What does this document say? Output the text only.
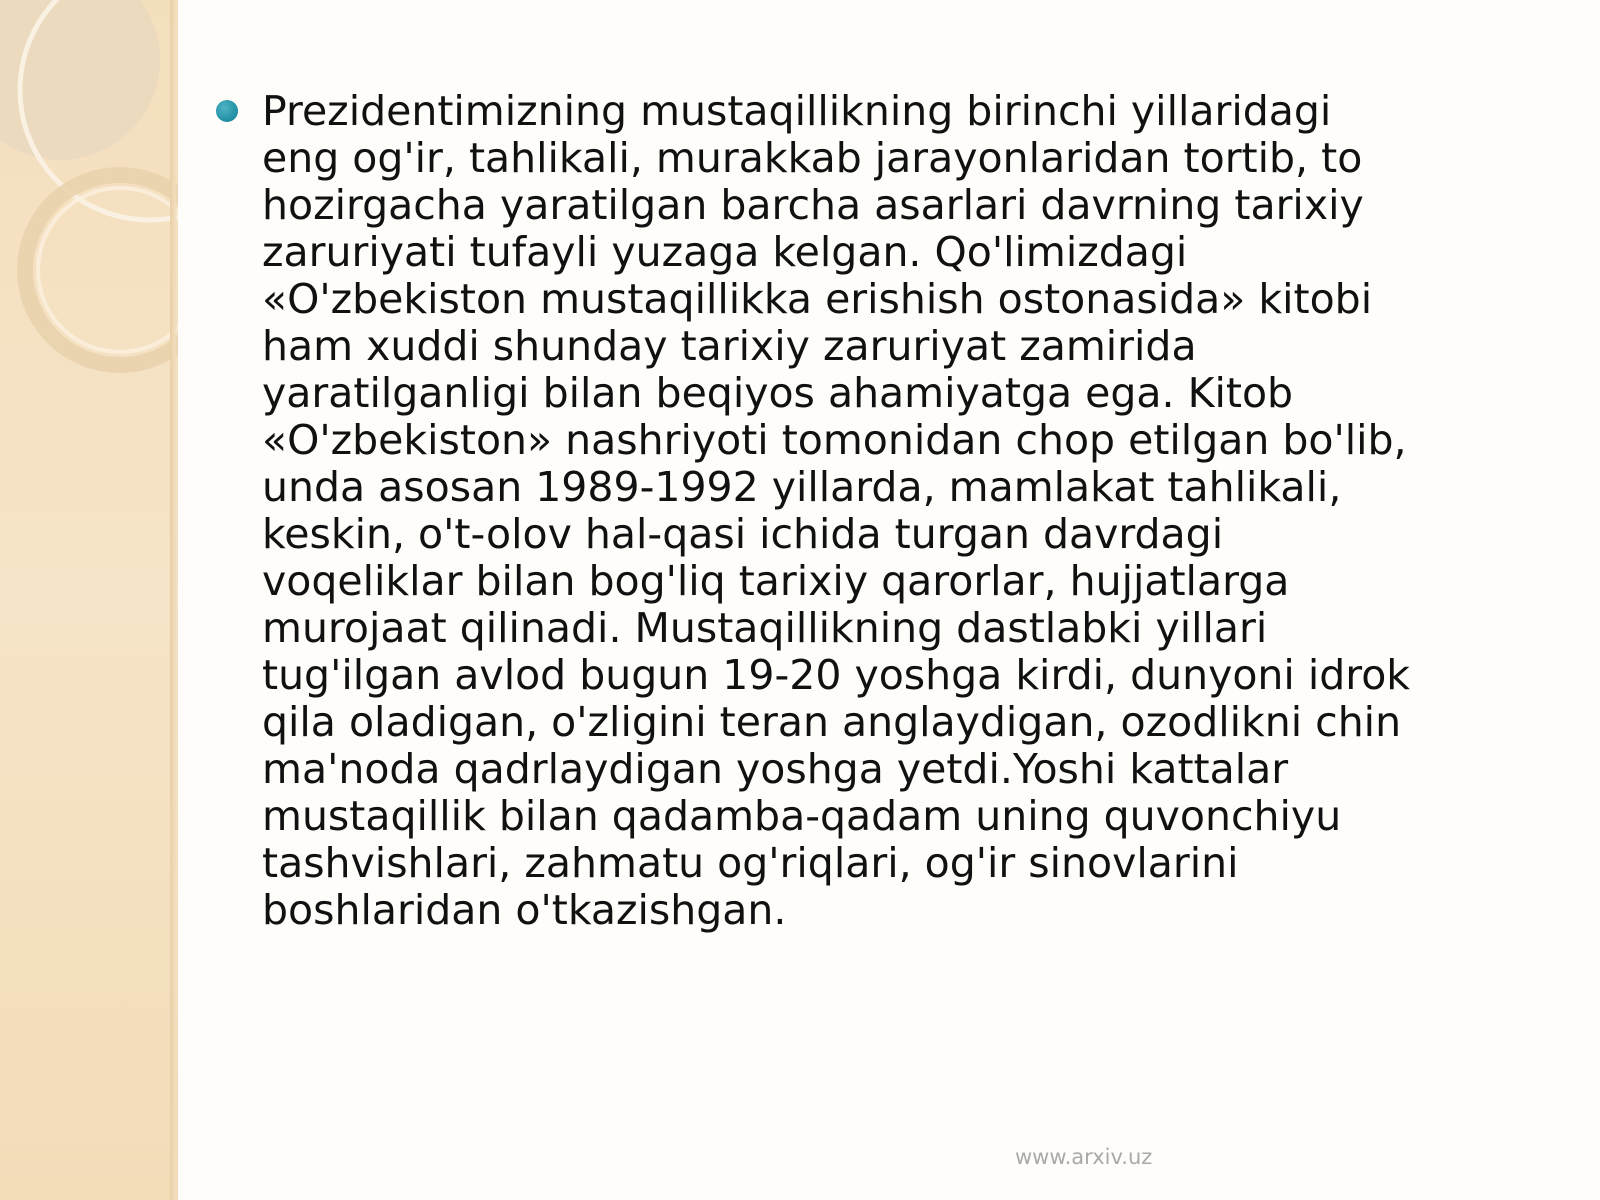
Prezidentimizning mustaqillikning birinchi yillaridagi
eng og'ir, tahlikali, murakkab jarayonlaridan tortib, to
hozirgacha yaratilgan barcha asarlari davrning tarixiy
zaruriyati tufayli yuzaga kelgan. Qo'limizdagi
«O'zbekiston mustaqillikka erishish ostonasida» kitobi
ham xuddi shunday tarixiy zaruriyat zamirida
yaratilganligi bilan beqiyos ahamiyatga ega. Kitob
«O'zbekiston» nashriyoti tomonidan chop etilgan bo'lib,
unda asosan 1989-1992 yillarda, mamlakat tahlikali,
keskin, o't-olov hal-qasi ichida turgan davrdagi
voqeliklar bilan bog'liq tarixiy qarorlar, hujjatlarga
murojaat qilinadi. Mustaqillikning dastlabki yillari
tug'ilgan avlod bugun 19-20 yoshga kirdi, dunyoni idrok
qila oladigan, o'zligini teran anglaydigan, ozodlikni chin
ma'noda qadrlaydigan yoshga yetdi.Yoshi kattalar
mustaqillik bilan qadamba-qadam uning quvonchiyu
tashvishlari, zahmatu og'riqlari, og'ir sinovlarini
boshlaridan o'tkazishgan.

www.arxiv.uz
